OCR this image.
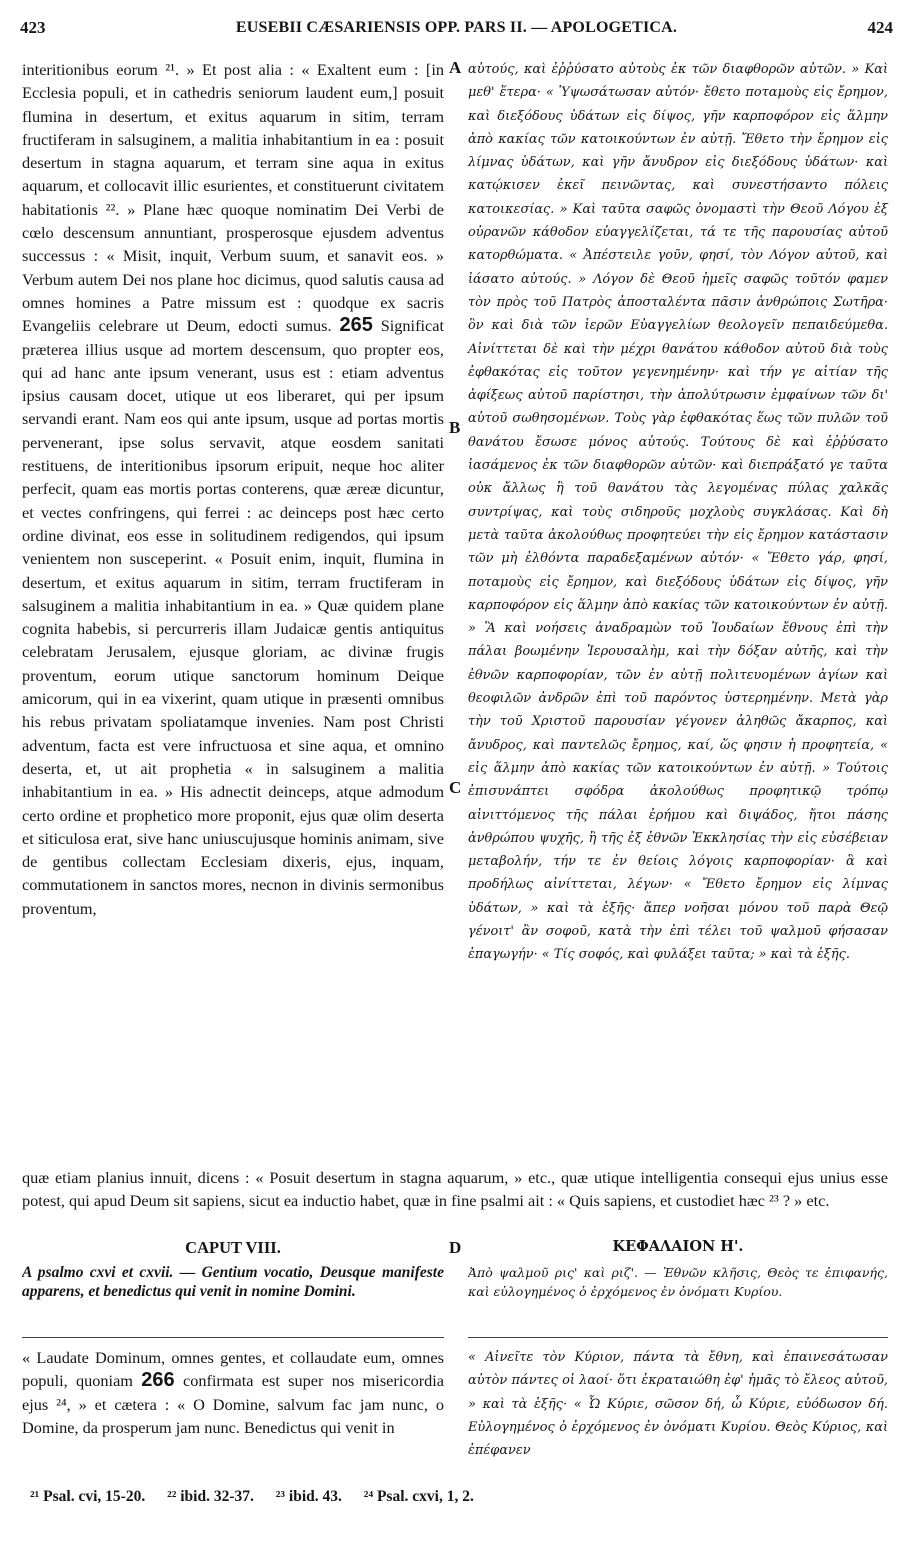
423	EUSEBII CÆSARIENSIS OPP. PARS II. — APOLOGETICA.	424

interitionibus eorum ²¹. » Et post alia : « Exaltent eum : [in Ecclesia populi, et in cathedris seniorum laudent eum,] posuit flumina in desertum, et exitus aquarum in sitim, terram fructiferam in salsuginem, a malitia inhabitantium in ea : posuit desertum in stagna aquarum, et terram sine aqua in exitus aquarum, et collocavit illic esurientes, et constituerunt civitatem habitationis ²². » Plane hæc quoque nominatim Dei Verbi de cœlo descensum annuntiant, prosperosque ejusdem adventus successus : « Misit, inquit, Verbum suum, et sanavit eos. » Verbum autem Dei nos plane hoc dicimus, quod salutis causa ad omnes homines a Patre missum est : quodque ex sacris Evangeliis celebrare ut Deum, edocti sumus. 265 Significat præterea illius usque ad mortem descensum, quo propter eos, qui ad hanc ante ipsum venerant, usus est : etiam adventus ipsius causam docet, utique ut eos liberaret, qui per ipsum servandi erant. Nam eos qui ante ipsum, usque ad portas mortis pervenerant, ipse solus servavit, atque eosdem sanitati restituens, de interitionibus ipsorum eripuit, neque hoc aliter perfecit, quam eas mortis portas conterens, quæ æreæ dicuntur, et vectes confringens, qui ferrei : ac deinceps post hæc certo ordine divinat, eos esse in solitudinem redigendos, qui ipsum venientem non susceperint. « Posuit enim, inquit, flumina in desertum, et exitus aquarum in sitim, terram fructiferam in salsuginem a malitia inhabitantium in ea. » Quæ quidem plane cognita habebis, si percurreris illam Judaicæ gentis antiquitus celebratam Jerusalem, ejusque gloriam, ac divinæ frugis proventum, eorum utique sanctorum hominum Deique amicorum, qui in ea vixerint, quam utique in præsenti omnibus his rebus privatam spoliatamque invenies. Nam post Christi adventum, facta est vere infructuosa et sine aqua, et omnino deserta, et, ut ait prophetia « in salsuginem a malitia inhabitantium in ea. » His adnectit deinceps, atque admodum certo ordine et prophetico more proponit, ejus quæ olim deserta et siticulosa erat, sive hanc uniuscujusque hominis animam, sive de gentibus collectam Ecclesiam dixeris, ejus, inquam, commutationem in sanctos mores, necnon in divinis sermonibus proventum,

αὐτούς, καὶ ἐῤῥύσατο αὐτοὺς ἐκ τῶν διαφθορῶν αὐτῶν. » Καὶ μεθ' ἕτερα· « Ὑψωσάτωσαν αὐτόν· ἔθετο ποταμοὺς εἰς ἔρημον, καὶ διεξόδους ὑδάτων εἰς δίψος, γῆν καρποφόρον εἰς ἅλμην ἀπὸ κακίας τῶν κατοικούντων ἐν αὐτῇ. Ἔθετο τὴν ἔρημον εἰς λίμνας ὑδάτων, καὶ γῆν ἄνυδρον εἰς διεξόδους ὑδάτων· καὶ κατῴκισεν ἐκεῖ πεινῶντας, καὶ συνεστήσαντο πόλεις κατοικεσίας. » Καὶ ταῦτα σαφῶς ὀνομαστὶ τὴν Θεοῦ Λόγου ἐξ οὐρανῶν κάθοδον εὐαγγελίζεται, τά τε τῆς παρουσίας αὐτοῦ κατορθώματα. « Ἀπέστειλε γοῦν, φησί, τὸν Λόγον αὐτοῦ, καὶ ἰάσατο αὐτούς. » Λόγον δὲ Θεοῦ ἡμεῖς σαφῶς τοῦτόν φαμεν τὸν πρὸς τοῦ Πατρὸς ἀποσταλέντα πᾶσιν ἀνθρώποις Σωτῆρα· ὃν καὶ διὰ τῶν ἱερῶν Εὐαγγελίων θεολογεῖν πεπαιδεύμεθα. Αἰνίττεται δὲ καὶ τὴν μέχρι θανάτου κάθοδον αὐτοῦ διὰ τοὺς ἐφθακότας εἰς τοῦτον γεγενημένην· καὶ τήν γε αἰτίαν τῆς ἀφίξεως αὐτοῦ παρίστησι, τὴν ἀπολύτρωσιν ἐμφαίνων τῶν δι' αὐτοῦ σωθησομένων. Τοὺς γὰρ ἐφθακότας ἕως τῶν πυλῶν τοῦ θανάτου ἔσωσε μόνος αὐτούς. Τούτους δὲ καὶ ἐῤῥύσατο ἰασάμενος ἐκ τῶν διαφθορῶν αὐτῶν· καὶ διεπράξατό γε ταῦτα οὐκ ἄλλως ἢ τοῦ θανάτου τὰς λεγομένας πύλας χαλκᾶς συντρίψας, καὶ τοὺς σιδηροῦς μοχλοὺς συγκλάσας. Καὶ δὴ μετὰ ταῦτα ἀκολούθως προφητεύει τὴν εἰς ἔρημον κατάστασιν τῶν μὴ ἐλθόντα παραδεξαμένων αὐτόν· « Ἔθετο γάρ, φησί, ποταμοὺς εἰς ἔρημον, καὶ διεξόδους ὑδάτων εἰς δίψος, γῆν καρποφόρον εἰς ἅλμην ἀπὸ κακίας τῶν κατοικούντων ἐν αὐτῇ. » Ἃ καὶ νοήσεις ἀναδραμὼν τοῦ Ἰουδαίων ἔθνους ἐπὶ τὴν πάλαι βοωμένην Ἱερουσαλὴμ, καὶ τὴν δόξαν αὐτῆς, καὶ τὴν ἐθνῶν καρποφορίαν, τῶν ἐν αὐτῇ πολιτευομένων ἁγίων καὶ θεοφιλῶν ἀνδρῶν ἐπὶ τοῦ παρόντος ὑστερημένην. Μετὰ γὰρ τὴν τοῦ Χριστοῦ παρουσίαν γέγονεν ἀληθῶς ἄκαρπος, καὶ ἄνυδρος, καὶ παντελῶς ἔρημος, καί, ὥς φησιν ἡ προφητεία, « εἰς ἅλμην ἀπὸ κακίας τῶν κατοικούντων ἐν αὐτῇ. » Τούτοις ἐπισυνάπτει σφόδρα ἀκολούθως προφητικῷ τρόπῳ αἰνιττόμενος τῆς πάλαι ἐρήμου καὶ διψάδος, ἤτοι πάσης ἀνθρώπου ψυχῆς, ἢ τῆς ἐξ ἐθνῶν Ἐκκλησίας τὴν εἰς εὐσέβειαν μεταβολήν, τήν τε ἐν θείοις λόγοις καρποφορίαν· ἃ καὶ προδήλως αἰνίττεται, λέγων· « Ἔθετο ἔρημον εἰς λίμνας ὑδάτων, » καὶ τὰ ἑξῆς· ἅπερ νοῆσαι μόνου τοῦ παρὰ Θεῷ γένοιτ' ἂν σοφοῦ, κατὰ τὴν ἐπὶ τέλει τοῦ ψαλμοῦ φήσασαν ἐπαγωγήν· « Τίς σοφός, καὶ φυλάξει ταῦτα; » καὶ τὰ ἑξῆς.

A
B
C
D

quæ etiam planius innuit, dicens : « Posuit desertum in stagna aquarum, » etc., quæ utique intelligentia consequi ejus unius esse potest, qui apud Deum sit sapiens, sicut ea inductio habet, quæ in fine psalmi ait : « Quis sapiens, et custodiet hæc ²³ ? » etc.

CAPUT VIII.	ΚΕΦΑΛΑΙΟΝ Η'.

A psalmo cxvi et cxvii. — Gentium vocatio, Deusque manifeste apparens, et benedictus qui venit in nomine Domini.

Ἀπὸ ψαλμοῦ ρις' καὶ ριζ'. — Ἐθνῶν κλῆσις, Θεὸς τε ἐπιφανής, καὶ εὐλογημένος ὁ ἐρχόμενος ἐν ὀνόματι Κυρίου.

« Laudate Dominum, omnes gentes, et collaudate eum, omnes populi, quoniam 266 confirmata est super nos misericordia ejus ²⁴, » et cætera : « O Domine, salvum fac jam nunc, o Domine, da prosperum jam nunc. Benedictus qui venit in

« Αἰνεῖτε τὸν Κύριον, πάντα τὰ ἔθνη, καὶ ἐπαινεσάτωσαν αὐτὸν πάντες οἱ λαοί· ὅτι ἐκραταιώθη ἐφ' ἡμᾶς τὸ ἔλεος αὐτοῦ, » καὶ τὰ ἑξῆς· « Ὦ Κύριε, σῶσον δή, ὦ Κύριε, εὐόδωσον δή. Εὐλογημένος ὁ ἐρχόμενος ἐν ὀνόματι Κυρίου. Θεὸς Κύριος, καὶ ἐπέφανεν

²¹ Psal. cvi, 15-20. ²² ibid. 32-37. ²³ ibid. 43. ²⁴ Psal. cxvi, 1, 2.
